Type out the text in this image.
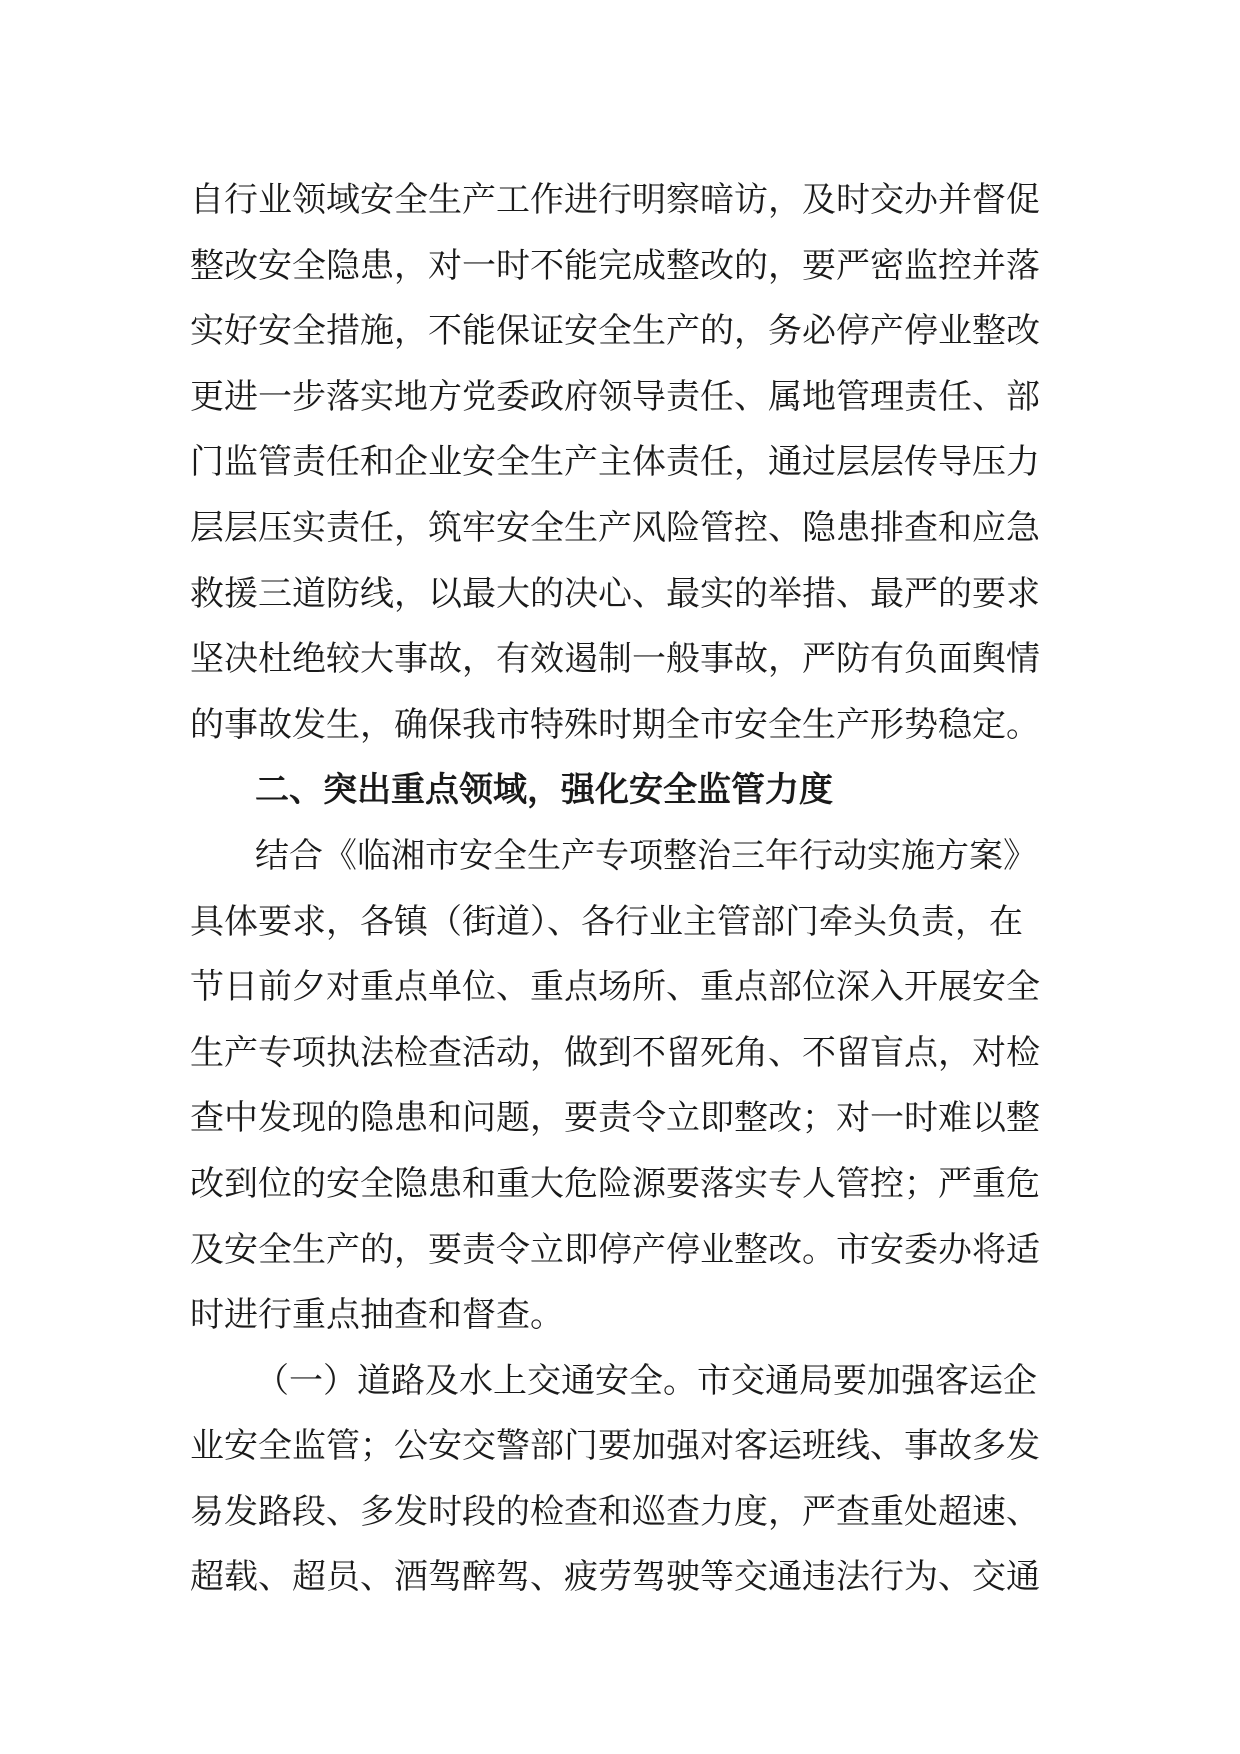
自行业领域安全生产工作进行明察暗访，及时交办并督促
整改安全隐患，对一时不能完成整改的，要严密监控并落
实好安全措施，不能保证安全生产的，务必停产停业整改
更进一步落实地方党委政府领导责任、属地管理责任、部
门监管责任和企业安全生产主体责任，通过层层传导压力
层层压实责任，筑牢安全生产风险管控、隐患排查和应急
救援三道防线，以最大的决心、最实的举措、最严的要求
坚决杜绝较大事故，有效遏制一般事故，严防有负面舆情
的事故发生，确保我市特殊时期全市安全生产形势稳定。
二、突出重点领域，强化安全监管力度
结合《临湘市安全生产专项整治三年行动实施方案》
具体要求，各镇（街道）、各行业主管部门牵头负责，在
节日前夕对重点单位、重点场所、重点部位深入开展安全
生产专项执法检查活动，做到不留死角、不留盲点，对检
查中发现的隐患和问题，要责令立即整改；对一时难以整
改到位的安全隐患和重大危险源要落实专人管控；严重危
及安全生产的，要责令立即停产停业整改。市安委办将适
时进行重点抽查和督查。
（一）道路及水上交通安全。市交通局要加强客运企
业安全监管；公安交警部门要加强对客运班线、事故多发
易发路段、多发时段的检查和巡查力度，严查重处超速、
超载、超员、酒驾醉驾、疲劳驾驶等交通违法行为、交通
